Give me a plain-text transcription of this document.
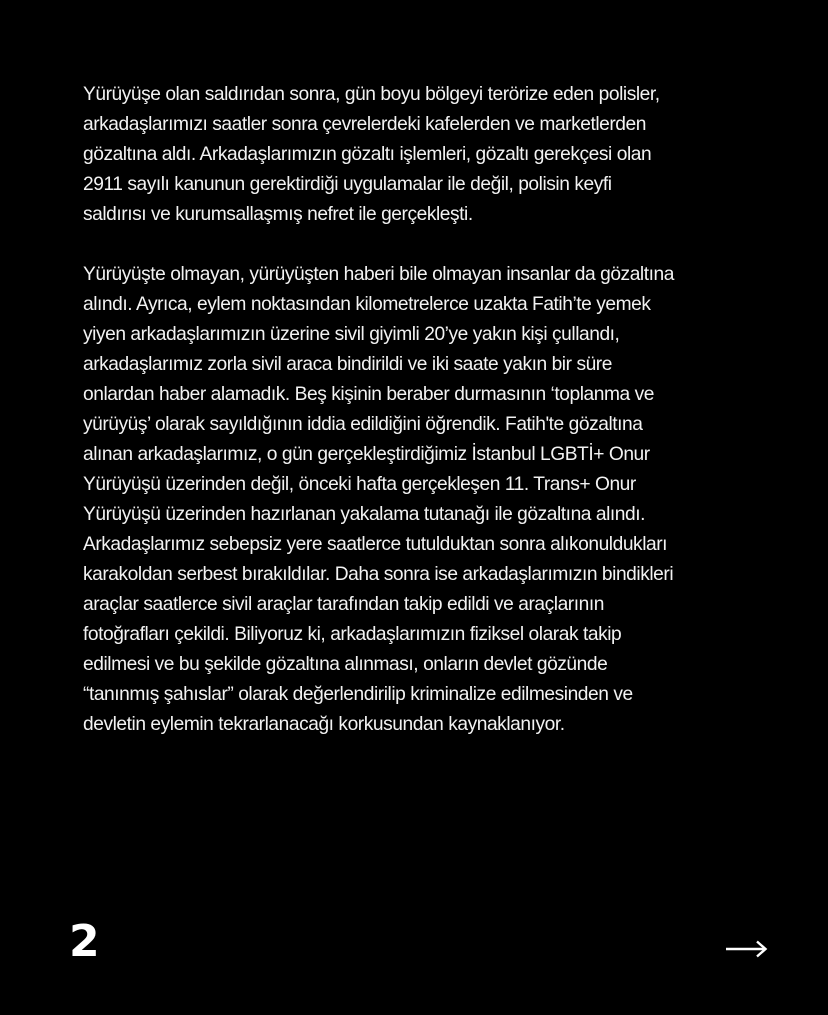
Yürüyüşe olan saldırıdan sonra, gün boyu bölgeyi terörize eden polisler,
arkadaşlarımızı saatler sonra çevrelerdeki kafelerden ve marketlerden
gözaltına aldı. Arkadaşlarımızın gözaltı işlemleri, gözaltı gerekçesi olan
2911 sayılı kanunun gerektirdiği uygulamalar ile değil, polisin keyfi
saldırısı ve kurumsallaşmış nefret ile gerçekleşti.

Yürüyüşte olmayan, yürüyüşten haberi bile olmayan insanlar da gözaltına
alındı. Ayrıca, eylem noktasından kilometrelerce uzakta Fatih’te yemek
yiyen arkadaşlarımızın üzerine sivil giyimli 20’ye yakın kişi çullandı,
arkadaşlarımız zorla sivil araca bindirildi ve iki saate yakın bir süre
onlardan haber alamadık. Beş kişinin beraber durmasının ‘toplanma ve
yürüyüş’ olarak sayıldığının iddia edildiğini öğrendik. Fatih'te gözaltına
alınan arkadaşlarımız, o gün gerçekleştirdiğimiz İstanbul LGBTİ+ Onur
Yürüyüşü üzerinden değil, önceki hafta gerçekleşen 11. Trans+ Onur
Yürüyüşü üzerinden hazırlanan yakalama tutanağı ile gözaltına alındı.
Arkadaşlarımız sebepsiz yere saatlerce tutulduktan sonra alıkonuldukları
karakoldan serbest bırakıldılar. Daha sonra ise arkadaşlarımızın bindikleri
araçlar saatlerce sivil araçlar tarafından takip edildi ve araçlarının
fotoğrafları çekildi. Biliyoruz ki, arkadaşlarımızın fiziksel olarak takip
edilmesi ve bu şekilde gözaltına alınması, onların devlet gözünde
“tanınmış şahıslar” olarak değerlendirilip kriminalize edilmesinden ve
devletin eylemin tekrarlanacağı korkusundan kaynaklanıyor.

2
